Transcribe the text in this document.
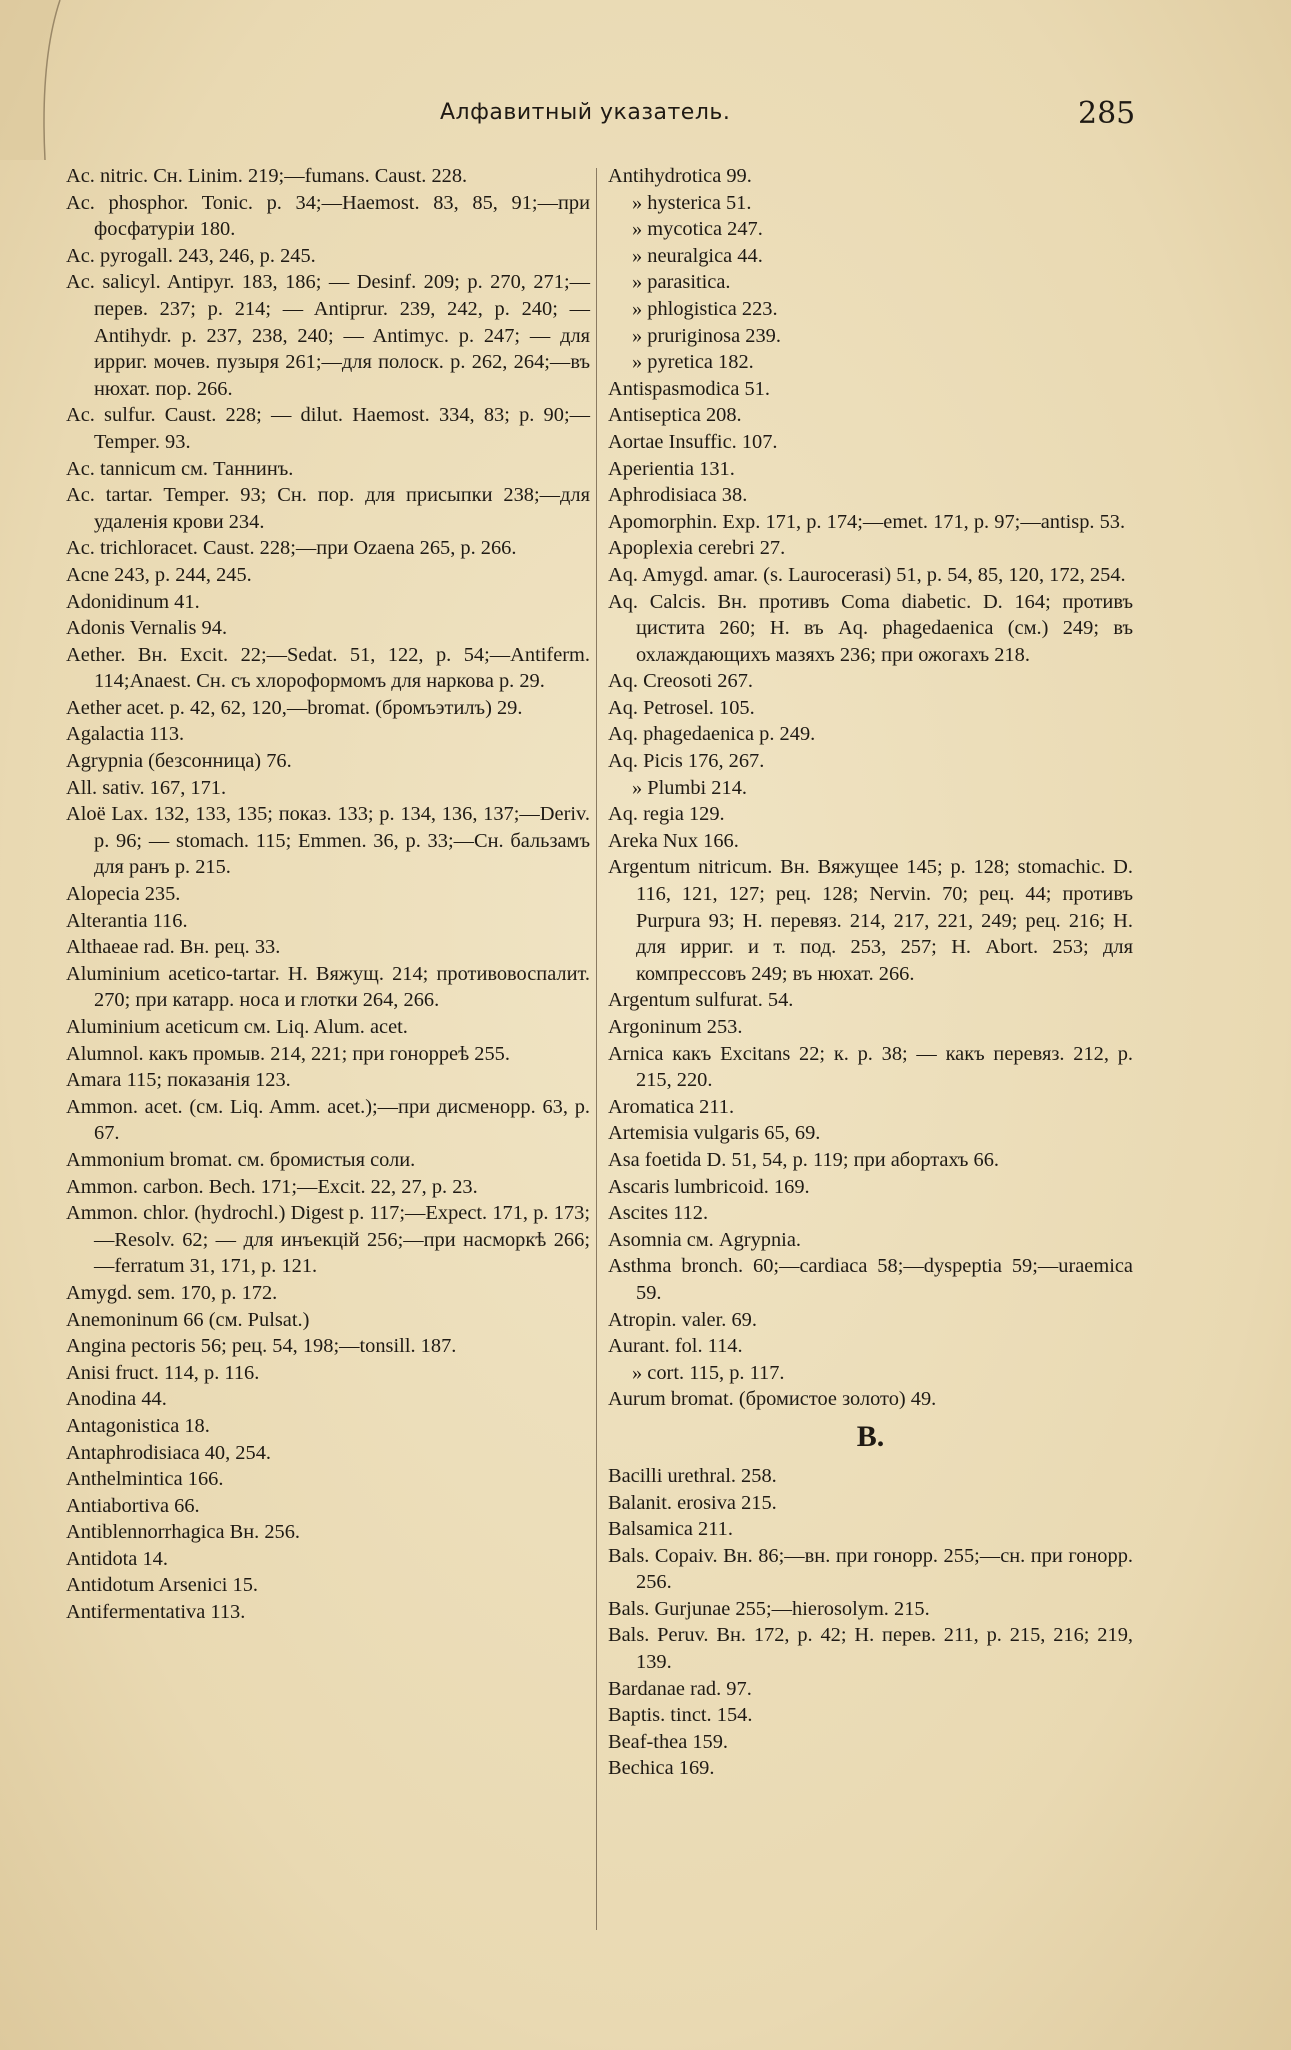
Алфавитный указатель.	285
Ac. nitric. Сн. Linim. 219;—fumans. Caust. 228.
Ac. phosphor. Tonic. p. 34;—Haemost. 83, 85, 91;—при фосфатуріи 180.
Ac. pyrogall. 243, 246, p. 245.
Ac. salicyl. Antipyr. 183, 186; — Desinf. 209; p. 270, 271;—перев. 237; p. 214; — Antiprur. 239, 242, p. 240; — Antihydr. p. 237, 238, 240; — Antimyc. p. 247; — для ирриг. мочев. пузыря 261;—для полоск. p. 262, 264;—въ нюхат. пор. 266.
Ac. sulfur. Caust. 228; — dilut. Haemost. 334, 83; p. 90;—Temper. 93.
Ac. tannicum см. Таннинъ.
Ac. tartar. Temper. 93; Сн. пор. для присыпки 238;—для удаленія крови 234.
Ac. trichloracet. Caust. 228;—при Ozaena 265, p. 266.
Acne 243, p. 244, 245.
Adonidinum 41.
Adonis Vernalis 94.
Aether. Вн. Excit. 22;—Sedat. 51, 122, p. 54;—Antiferm. 114;Anaest. Сн. съ хлороформомъ для наркова p. 29.
Aether acet. p. 42, 62, 120,—bromat. (бромъэтилъ) 29.
Agalactia 113.
Agrypnia (безсонница) 76.
All. sativ. 167, 171.
Aloë Lax. 132, 133, 135; показ. 133; p. 134, 136, 137;—Deriv. p. 96; — stomach. 115; Emmen. 36, p. 33;—Сн. бальзамъ для ранъ p. 215.
Alopecia 235.
Alterantia 116.
Althaeae rad. Вн. рец. 33.
Aluminium acetico-tartar. Н. Вяжущ. 214; противовоспалит. 270; при катарр. носа и глотки 264, 266.
Aluminium aceticum см. Liq. Alum. acet.
Alumnol. какъ промыв. 214, 221; при гонорреѣ 255.
Amara 115; показанія 123.
Ammon. acet. (см. Liq. Amm. acet.);—при дисменорр. 63, p. 67.
Ammonium bromat. см. бромистыя соли.
Ammon. carbon. Bech. 171;—Excit. 22, 27, p. 23.
Ammon. chlor. (hydrochl.) Digest p. 117;—Expect. 171, p. 173;—Resolv. 62; — для инъекцій 256;—при насморкѣ 266;—ferratum 31, 171, p. 121.
Amygd. sem. 170, p. 172.
Anemoninum 66 (см. Pulsat.)
Angina pectoris 56; рец. 54, 198;—tonsill. 187.
Anisi fruct. 114, p. 116.
Anodina 44.
Antagonistica 18.
Antaphrodisiaca 40, 254.
Anthelmintica 166.
Antiabortiva 66.
Antiblennorrhagica Вн. 256.
Antidota 14.
Antidotum Arsenici 15.
Antifermentativa 113.
Antihydrotica 99.
» hysterica 51.
» mycotica 247.
» neuralgica 44.
» parasitica.
» phlogistica 223.
» pruriginosa 239.
» pyretica 182.
Antispasmodica 51.
Antiseptica 208.
Aortae Insuffic. 107.
Aperientia 131.
Aphrodisiaca 38.
Apomorphin. Exp. 171, p. 174;—emet. 171, p. 97;—antisp. 53.
Apoplexia cerebri 27.
Aq. Amygd. amar. (s. Laurocerasi) 51, p. 54, 85, 120, 172, 254.
Aq. Calcis. Вн. противъ Coma diabetic. D. 164; противъ цистита 260; Н. въ Aq. phagedaenica (см.) 249; въ охлаждающихъ мазяхъ 236; при ожогахъ 218.
Aq. Creosoti 267.
Aq. Petrosel. 105.
Aq. phagedaenica p. 249.
Aq. Picis 176, 267.
» Plumbi 214.
Aq. regia 129.
Areka Nux 166.
Argentum nitricum. Вн. Вяжущее 145; p. 128; stomachic. D. 116, 121, 127; рец. 128; Nervin. 70; рец. 44; противъ Purpura 93; Н. перевяз. 214, 217, 221, 249; рец. 216; Н. для ирриг. и т. под. 253, 257; Н. Abort. 253; для компрессовъ 249; въ нюхат. 266.
Argentum sulfurat. 54.
Argoninum 253.
Arnica какъ Excitans 22; к. p. 38; — какъ перевяз. 212, p. 215, 220.
Aromatica 211.
Artemisia vulgaris 65, 69.
Asa foetida D. 51, 54, p. 119; при абортахъ 66.
Ascaris lumbricoid. 169.
Ascites 112.
Asomnia см. Agrypnia.
Asthma bronch. 60;—cardiaca 58;—dyspeptia 59;—uraemica 59.
Atropin. valer. 69.
Aurant. fol. 114.
» cort. 115, p. 117.
Aurum bromat. (бромистое золото) 49.
B.
Bacilli urethral. 258.
Balanit. erosiva 215.
Balsamica 211.
Bals. Copaiv. Вн. 86;—вн. при гонорр. 255;—сн. при гонорр. 256.
Bals. Gurjunae 255;—hierosolym. 215.
Bals. Peruv. Вн. 172, p. 42; Н. перев. 211, p. 215, 216; 219, 139.
Bardanae rad. 97.
Baptis. tinct. 154.
Beaf-thea 159.
Bechica 169.
